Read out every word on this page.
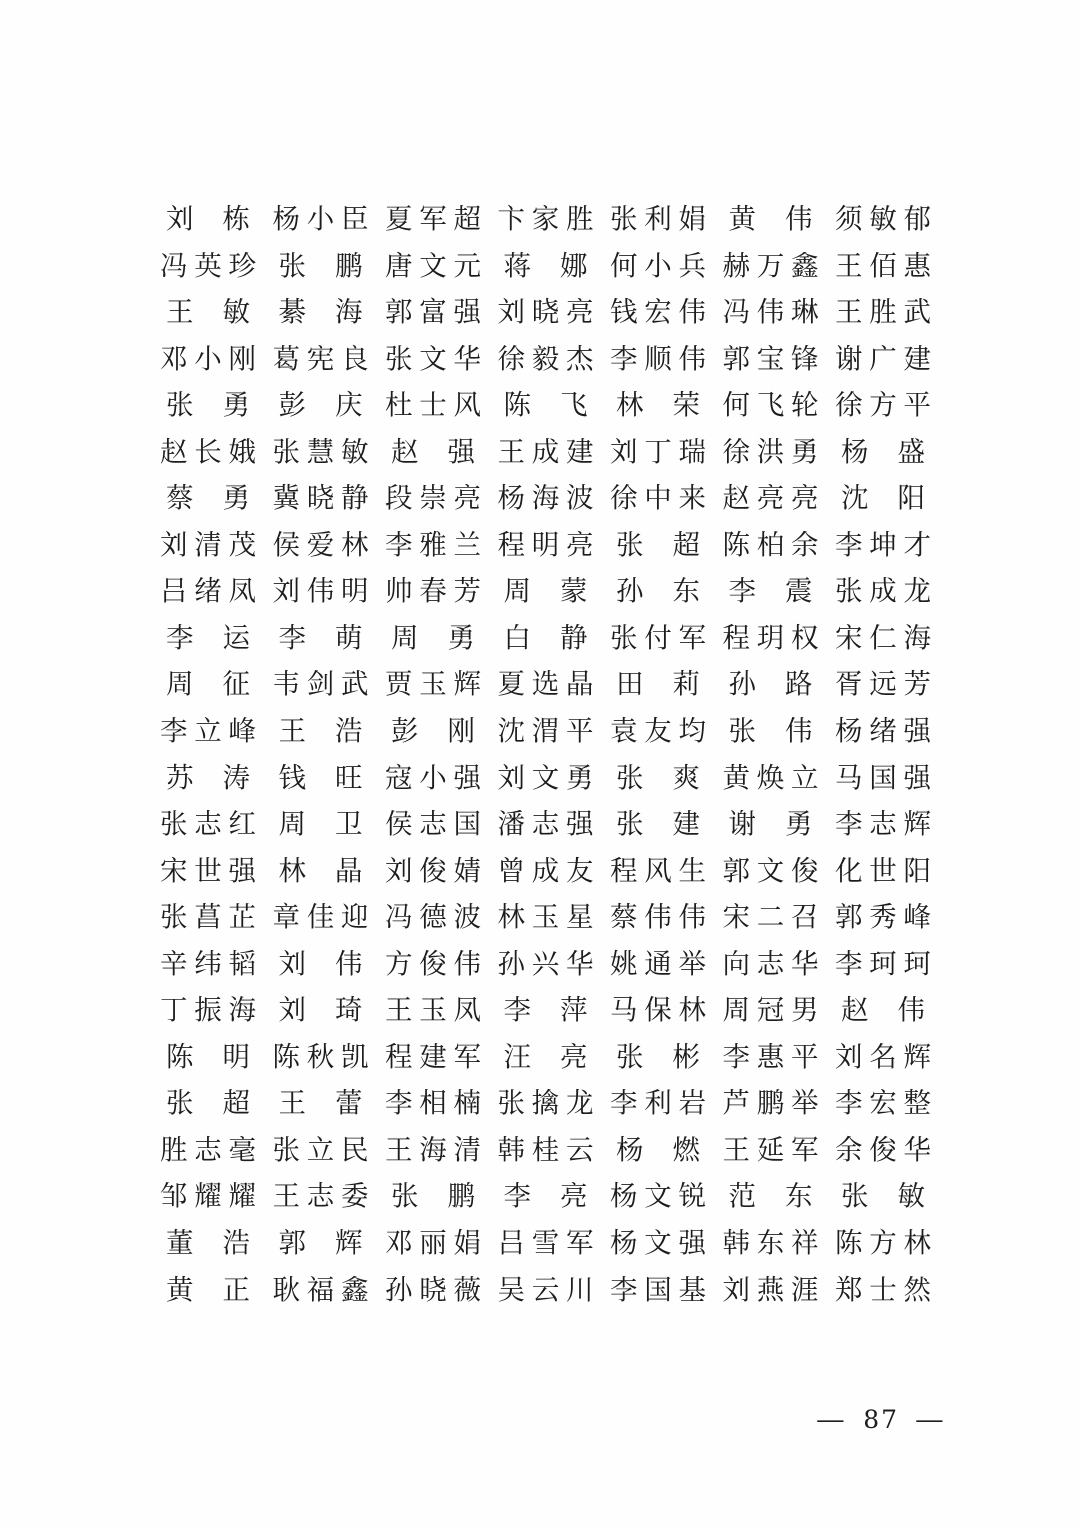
刘 栋 杨 小 臣 夏 军 超 卞 家 胜 张 利 娟 黄 伟 须 敏 郁
冯 英 珍 张 鹏 唐 文 元 蒋 娜 何 小 兵 赫 万 鑫 王 佰 惠
王 敏 綦 海 郭 富 强 刘 晓 亮 钱 宏 伟 冯 伟 琳 王 胜 武
邓 小 刚 葛 宪 良 张 文 华 徐 毅 杰 李 顺 伟 郭 宝 锋 谢 广 建
张 勇 彭 庆 杜 士 风 陈 飞 林 荣 何 飞 轮 徐 方 平
赵 长 娥 张 慧 敏 赵 强 王 成 建 刘 丁 瑞 徐 洪 勇 杨 盛
蔡 勇 冀 晓 静 段 崇 亮 杨 海 波 徐 中 来 赵 亮 亮 沈 阳
刘 清 茂 侯 爱 林 李 雅 兰 程 明 亮 张 超 陈 柏 余 李 坤 才
吕 绪 凤 刘 伟 明 帅 春 芳 周 蒙 孙 东 李 震 张 成 龙
李 运 李 萌 周 勇 白 静 张 付 军 程 玥 权 宋 仁 海
周 征 韦 剑 武 贾 玉 辉 夏 选 晶 田 莉 孙 路 胥 远 芳
李 立 峰 王 浩 彭 刚 沈 渭 平 袁 友 均 张 伟 杨 绪 强
苏 涛 钱 旺 寇 小 强 刘 文 勇 张 爽 黄 焕 立 马 国 强
张 志 红 周 卫 侯 志 国 潘 志 强 张 建 谢 勇 李 志 辉
宋 世 强 林 晶 刘 俊 婧 曾 成 友 程 风 生 郭 文 俊 化 世 阳
张 菖 芷 章 佳 迎 冯 德 波 林 玉 星 蔡 伟 伟 宋 二 召 郭 秀 峰
辛 纬 韬 刘 伟 方 俊 伟 孙 兴 华 姚 通 举 向 志 华 李 珂 珂
丁 振 海 刘 琦 王 玉 凤 李 萍 马 保 林 周 冠 男 赵 伟
陈 明 陈 秋 凯 程 建 军 汪 亮 张 彬 李 惠 平 刘 名 辉
张 超 王 蕾 李 相 楠 张 擒 龙 李 利 岩 芦 鹏 举 李 宏 整
胜 志 毫 张 立 民 王 海 清 韩 桂 云 杨 燃 王 延 军 余 俊 华
邹 耀 耀 王 志 委 张 鹏 李 亮 杨 文 锐 范 东 张 敏
董 浩 郭 辉 邓 丽 娟 吕 雪 军 杨 文 强 韩 东 祥 陈 方 林
黄 正 耿 福 鑫 孙 晓 薇 吴 云 川 李 国 基 刘 燕 涯 郑 士 然
— 87 —
